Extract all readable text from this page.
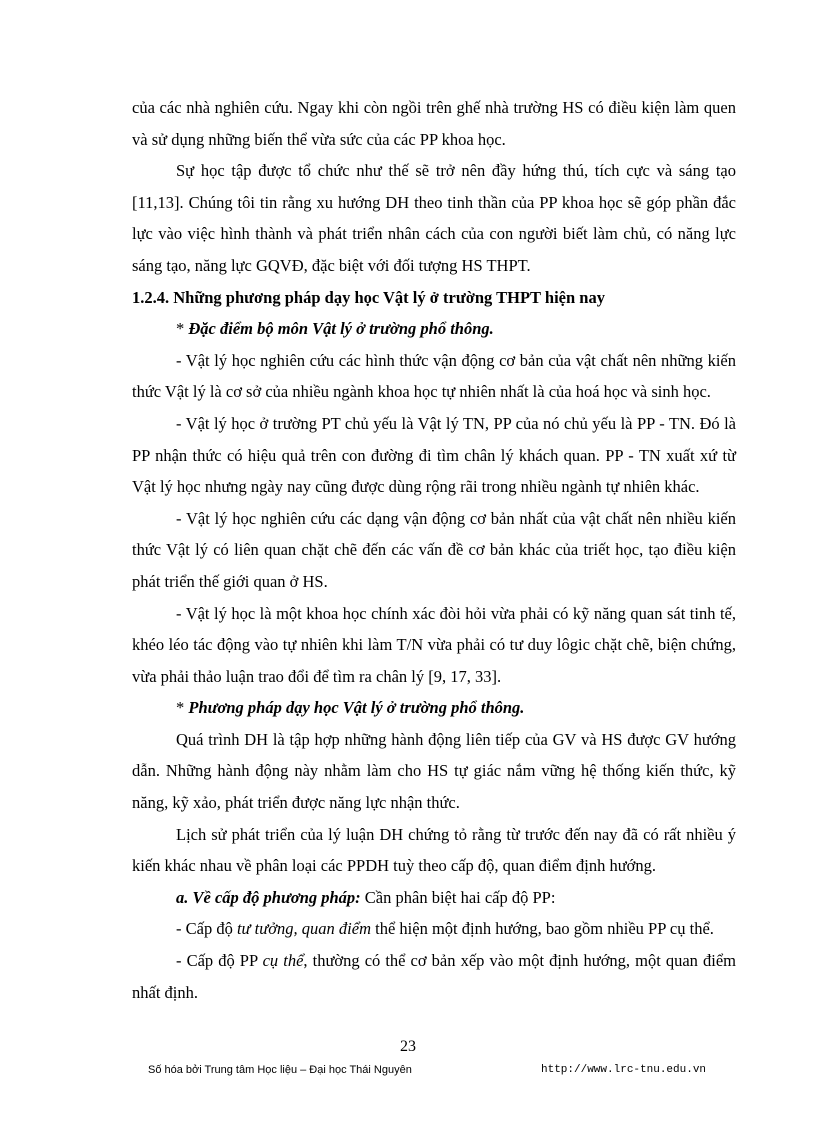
của các nhà nghiên cứu. Ngay khi còn ngồi trên ghế nhà trường HS có điều kiện làm quen và sử dụng những biến thể vừa sức của các PP khoa học.

Sự học tập được tổ chức như thế sẽ trở nên đầy hứng thú, tích cực và sáng tạo [11,13]. Chúng tôi tin rằng xu hướng DH theo tinh thần của PP khoa học sẽ góp phần đắc lực vào việc hình thành và phát triển nhân cách của con người biết làm chủ, có năng lực sáng tạo, năng lực GQVĐ, đặc biệt với đối tượng HS THPT.

1.2.4. Những phương pháp dạy học Vật lý ở trường THPT hiện nay

* Đặc điểm bộ môn Vật lý ở trường phổ thông.

- Vật lý học nghiên cứu các hình thức vận động cơ bản của vật chất nên những kiến thức Vật lý là cơ sở của nhiều ngành khoa học tự nhiên nhất là của hoá học và sinh học.

- Vật lý học ở trường PT chủ yếu là Vật lý TN, PP của nó chủ yếu là PP - TN. Đó là PP nhận thức có hiệu quả trên con đường đi tìm chân lý khách quan. PP - TN xuất xứ từ Vật lý học nhưng ngày nay cũng được dùng rộng rãi trong nhiều ngành tự nhiên khác.

- Vật lý học nghiên cứu các dạng vận động cơ bản nhất của vật chất nên nhiều kiến thức Vật lý có liên quan chặt chẽ đến các vấn đề cơ bản khác của triết học, tạo điều kiện phát triển thế giới quan ở HS.

- Vật lý học là một khoa học chính xác đòi hỏi vừa phải có kỹ năng quan sát tinh tế, khéo léo tác động vào tự nhiên khi làm T/N vừa phải có tư duy lôgic chặt chẽ, biện chứng, vừa phải thảo luận trao đổi để tìm ra chân lý [9, 17, 33].

* Phương pháp dạy học Vật lý ở trường phổ thông.

Quá trình DH là tập hợp những hành động liên tiếp của GV và HS được GV hướng dẫn. Những hành động này nhằm làm cho HS tự giác nắm vững hệ thống kiến thức, kỹ năng, kỹ xảo, phát triển được năng lực nhận thức.

Lịch sử phát triển của lý luận DH chứng tỏ rằng từ trước đến nay đã có rất nhiều ý kiến khác nhau về phân loại các PPDH tuỳ theo cấp độ, quan điểm định hướng.

a. Về cấp độ phương pháp: Cần phân biệt hai cấp độ PP:

- Cấp độ tư tưởng, quan điểm thể hiện một định hướng, bao gồm nhiều PP cụ thể.

- Cấp độ PP cụ thể, thường có thể cơ bản xếp vào một định hướng, một quan điểm nhất định.

23
Số hóa bởi Trung tâm Học liệu – Đại học Thái Nguyên	http://www.lrc-tnu.edu.vn
